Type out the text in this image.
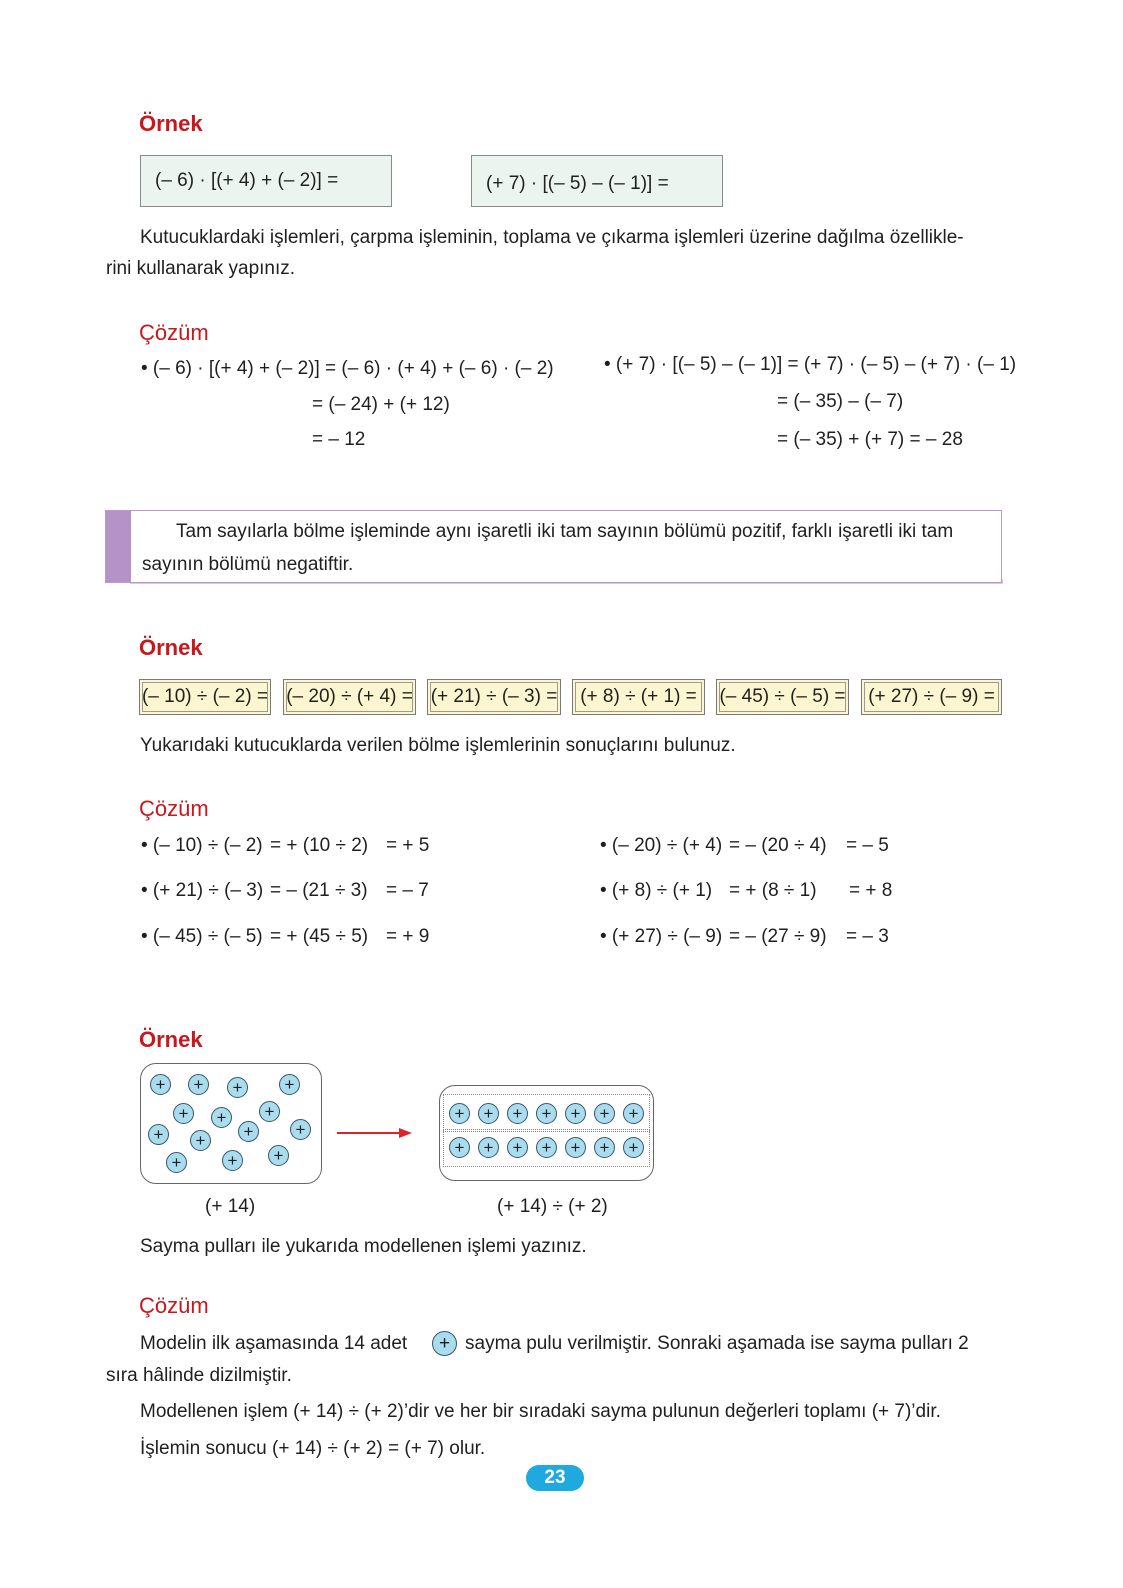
Örnek
(– 6) · [(+ 4) + (– 2)] =	(+ 7) · [(– 5) – (– 1)] =
Kutucuklardaki işlemleri, çarpma işleminin, toplama ve çıkarma işlemleri üzerine dağılma özellikle-
rini kullanarak yapınız.
Çözüm
• (– 6) · [(+ 4) + (– 2)] = (– 6) · (+ 4) + (– 6) · (– 2)
= (– 24) + (+ 12)
= – 12
• (+ 7) · [(– 5) – (– 1)] = (+ 7) · (– 5) – (+ 7) · (– 1)
= (– 35) – (– 7)
= (– 35) + (+ 7) = – 28
Tam sayılarla bölme işleminde aynı işaretli iki tam sayının bölümü pozitif, farklı işaretli iki tam
sayının bölümü negatiftir.
Örnek
(– 10) ÷ (– 2) = (– 20) ÷ (+ 4) = (+ 21) ÷ (– 3) = (+ 8) ÷ (+ 1) = (– 45) ÷ (– 5) = (+ 27) ÷ (– 9) =
Yukarıdaki kutucuklarda verilen bölme işlemlerinin sonuçlarını bulunuz.
Çözüm
• (– 10) ÷ (– 2) = + (10 ÷ 2) = + 5
• (+ 21) ÷ (– 3) = – (21 ÷ 3) = – 7
• (– 45) ÷ (– 5) = + (45 ÷ 5) = + 9
• (– 20) ÷ (+ 4) = – (20 ÷ 4) = – 5
• (+ 8) ÷ (+ 1) = + (8 ÷ 1) = + 8
• (+ 27) ÷ (– 9) = – (27 ÷ 9) = – 3
Örnek
+	+	+	+
+	+	+
+	+	+	+
+	+	+
+	+	+	+	+	+	+
+	+	+	+	+	+	+
(+ 14)	(+ 14) ÷ (+ 2)
Sayma pulları ile yukarıda modellenen işlemi yazınız.
Çözüm
Modelin ilk aşamasında 14 adet	+ sayma pulu verilmiştir. Sonraki aşamada ise sayma pulları 2
sıra hâlinde dizilmiştir.
Modellenen işlem (+ 14) ÷ (+ 2)’dir ve her bir sıradaki sayma pulunun değerleri toplamı (+ 7)’dir.
İşlemin sonucu (+ 14) ÷ (+ 2) = (+ 7) olur.
23
